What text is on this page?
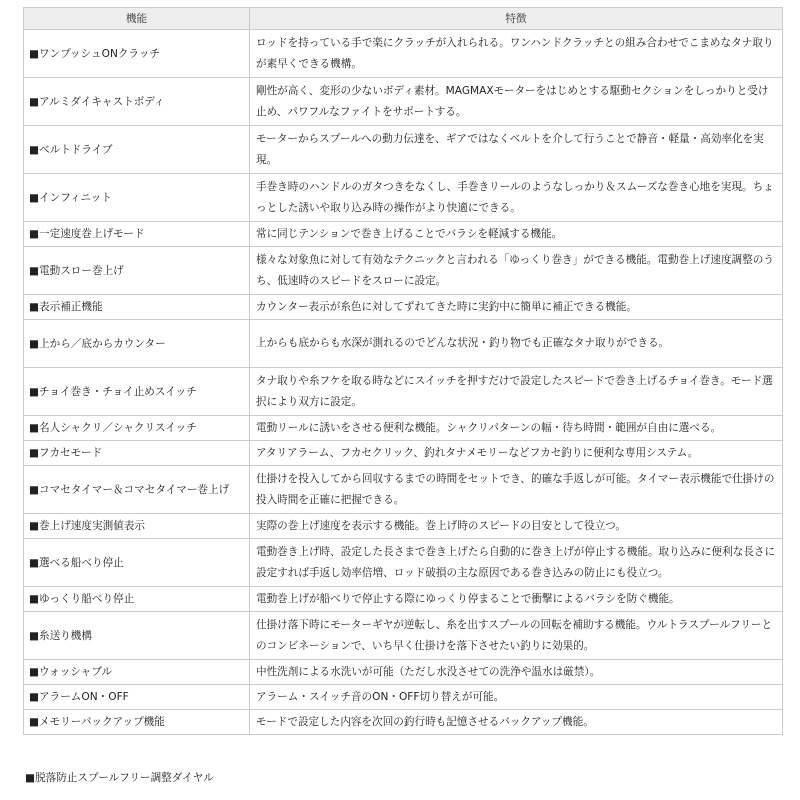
機能	特徴
■ワンプッシュONクラッチ	ロッドを持っている手で楽にクラッチが入れられる。ワンハンドクラッチとの組み合わせでこまめなタナ取りが素早くできる機構。
■アルミダイキャストボディ	剛性が高く、変形の少ないボディ素材。MAGMAXモーターをはじめとする駆動セクションをしっかりと受け止め、パワフルなファイトをサポートする。
■ベルトドライブ	モーターからスプールへの動力伝達を、ギアではなくベルトを介して行うことで静音・軽量・高効率化を実現。
■インフィニット	手巻き時のハンドルのガタつきをなくし、手巻きリールのようなしっかり＆スムーズな巻き心地を実現。ちょっとした誘いや取り込み時の操作がより快適にできる。
■一定速度巻上げモード	常に同じテンションで巻き上げることでバラシを軽減する機能。
■電動スロー巻上げ	様々な対象魚に対して有効なテクニックと言われる「ゆっくり巻き」ができる機能。電動巻上げ速度調整のうち、低速時のスピードをスローに設定。
■表示補正機能	カウンター表示が糸色に対してずれてきた時に実釣中に簡単に補正できる機能。
■上から／底からカウンター	上からも底からも水深が測れるのでどんな状況・釣り物でも正確なタナ取りができる。
■チョイ巻き・チョイ止めスイッチ	タナ取りや糸フケを取る時などにスイッチを押すだけで設定したスピードで巻き上げるチョイ巻き。モード選択により双方に設定。
■名人シャクリ／シャクリスイッチ	電動リールに誘いをさせる便利な機能。シャクリパターンの幅・待ち時間・範囲が自由に選べる。
■フカセモード	アタリアラーム、フカセクリック、釣れタナメモリーなどフカセ釣りに便利な専用システム。
■コマセタイマー＆コマセタイマー巻上げ	仕掛けを投入してから回収するまでの時間をセットでき、的確な手返しが可能。タイマー表示機能で仕掛けの投入時間を正確に把握できる。
■巻上げ速度実測値表示	実際の巻上げ速度を表示する機能。巻上げ時のスピードの目安として役立つ。
■選べる船べり停止	電動巻き上げ時、設定した長さまで巻き上げたら自動的に巻き上げが停止する機能。取り込みに便利な長さに設定すれば手返し効率倍増、ロッド破損の主な原因である巻き込みの防止にも役立つ。
■ゆっくり船べり停止	電動巻上げが船べりで停止する際にゆっくり停まることで衝撃によるバラシを防ぐ機能。
■糸送り機構	仕掛け落下時にモーターギヤが逆転し、糸を出すスプールの回転を補助する機能。ウルトラスプールフリーとのコンビネーションで、いち早く仕掛けを落下させたい釣りに効果的。
■ウォッシャブル	中性洗剤による水洗いが可能（ただし水没させての洗浄や温水は厳禁）。
■アラームON・OFF	アラーム・スイッチ音のON・OFF切り替えが可能。
■メモリーバックアップ機能	モードで設定した内容を次回の釣行時も記憶させるバックアップ機能。
■脱落防止スプールフリー調整ダイヤル
